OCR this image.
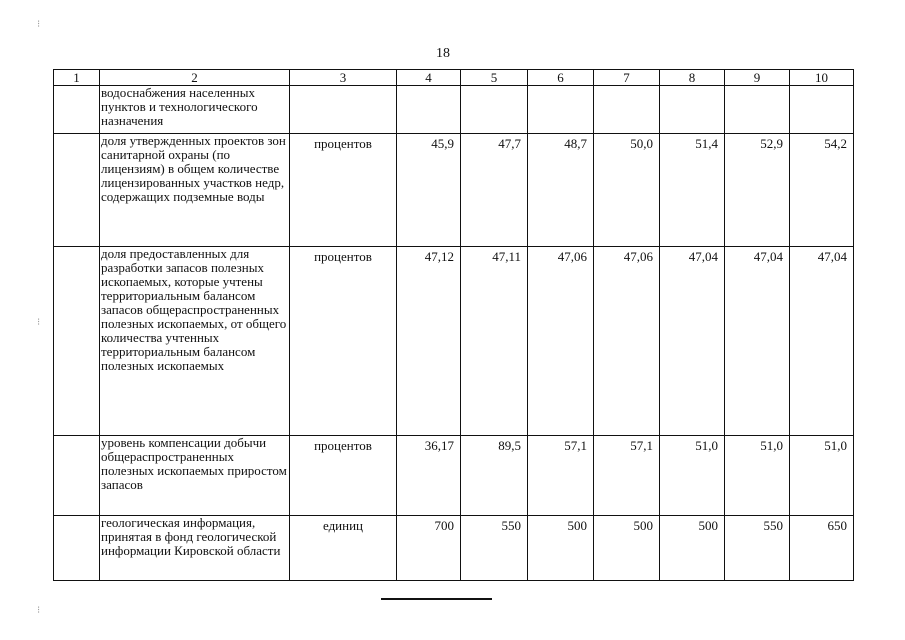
18
1	2	3	4	5	6	7	8	9	10
	водоснабжения населенных пунктов и технологического назначения								
	доля утвержденных проектов зон санитарной охраны (по лицензиям) в общем количестве лицензированных участков недр, содержащих подземные воды	процентов	45,9	47,7	48,7	50,0	51,4	52,9	54,2
	доля предоставленных для разработки запасов полезных ископаемых, которые учтены территориальным балансом запасов общераспространенных полезных ископаемых, от общего количества учтенных территориальным балансом полезных ископаемых	процентов	47,12	47,11	47,06	47,06	47,04	47,04	47,04
	уровень компенсации добычи общераспространенных полезных ископаемых приростом запасов	процентов	36,17	89,5	57,1	57,1	51,0	51,0	51,0
	геологическая информация, принятая в фонд геологической информации Кировской области	единиц	700	550	500	500	500	550	650
⁝
⁝
⁝
